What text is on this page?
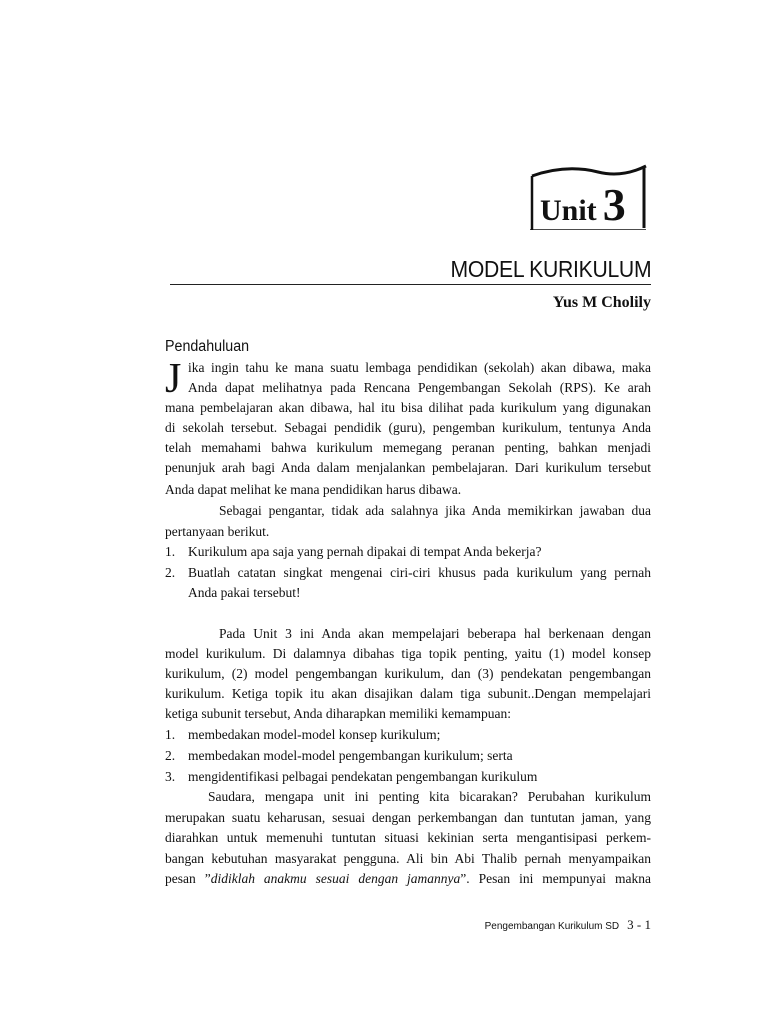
Unit 3
MODEL KURIKULUM
Yus M Cholily
Pendahuluan
J ika ingin tahu ke mana suatu lembaga pendidikan (sekolah) akan dibawa, maka
Anda dapat melihatnya pada Rencana Pengembangan Sekolah (RPS). Ke arah
mana pembelajaran akan dibawa, hal itu bisa dilihat pada kurikulum yang digunakan
di sekolah tersebut. Sebagai pendidik (guru), pengemban kurikulum, tentunya Anda
telah memahami bahwa kurikulum memegang peranan penting, bahkan menjadi
penunjuk arah bagi Anda dalam menjalankan pembelajaran. Dari kurikulum tersebut
Anda dapat melihat ke mana pendidikan harus dibawa.
Sebagai pengantar, tidak ada salahnya jika Anda memikirkan jawaban dua
pertanyaan berikut.
1. Kurikulum apa saja yang pernah dipakai di tempat Anda bekerja?
2. Buatlah catatan singkat mengenai ciri-ciri khusus pada kurikulum yang pernah
Anda pakai tersebut!
Pada Unit 3 ini Anda akan mempelajari beberapa hal berkenaan dengan
model kurikulum. Di dalamnya dibahas tiga topik penting, yaitu (1) model konsep
kurikulum, (2) model pengembangan kurikulum, dan (3) pendekatan pengembangan
kurikulum. Ketiga topik itu akan disajikan dalam tiga subunit..Dengan mempelajari
ketiga subunit tersebut, Anda diharapkan memiliki kemampuan:
1. membedakan model-model konsep kurikulum;
2. membedakan model-model pengembangan kurikulum; serta
3. mengidentifikasi pelbagai pendekatan pengembangan kurikulum
Saudara, mengapa unit ini penting kita bicarakan? Perubahan kurikulum
merupakan suatu keharusan, sesuai dengan perkembangan dan tuntutan jaman, yang
diarahkan untuk memenuhi tuntutan situasi kekinian serta mengantisipasi perkem-
bangan kebutuhan masyarakat pengguna. Ali bin Abi Thalib pernah menyampaikan
pesan ”didiklah anakmu sesuai dengan jamannya”. Pesan ini mempunyai makna
Pengembangan Kurikulum SD 3 - 1
